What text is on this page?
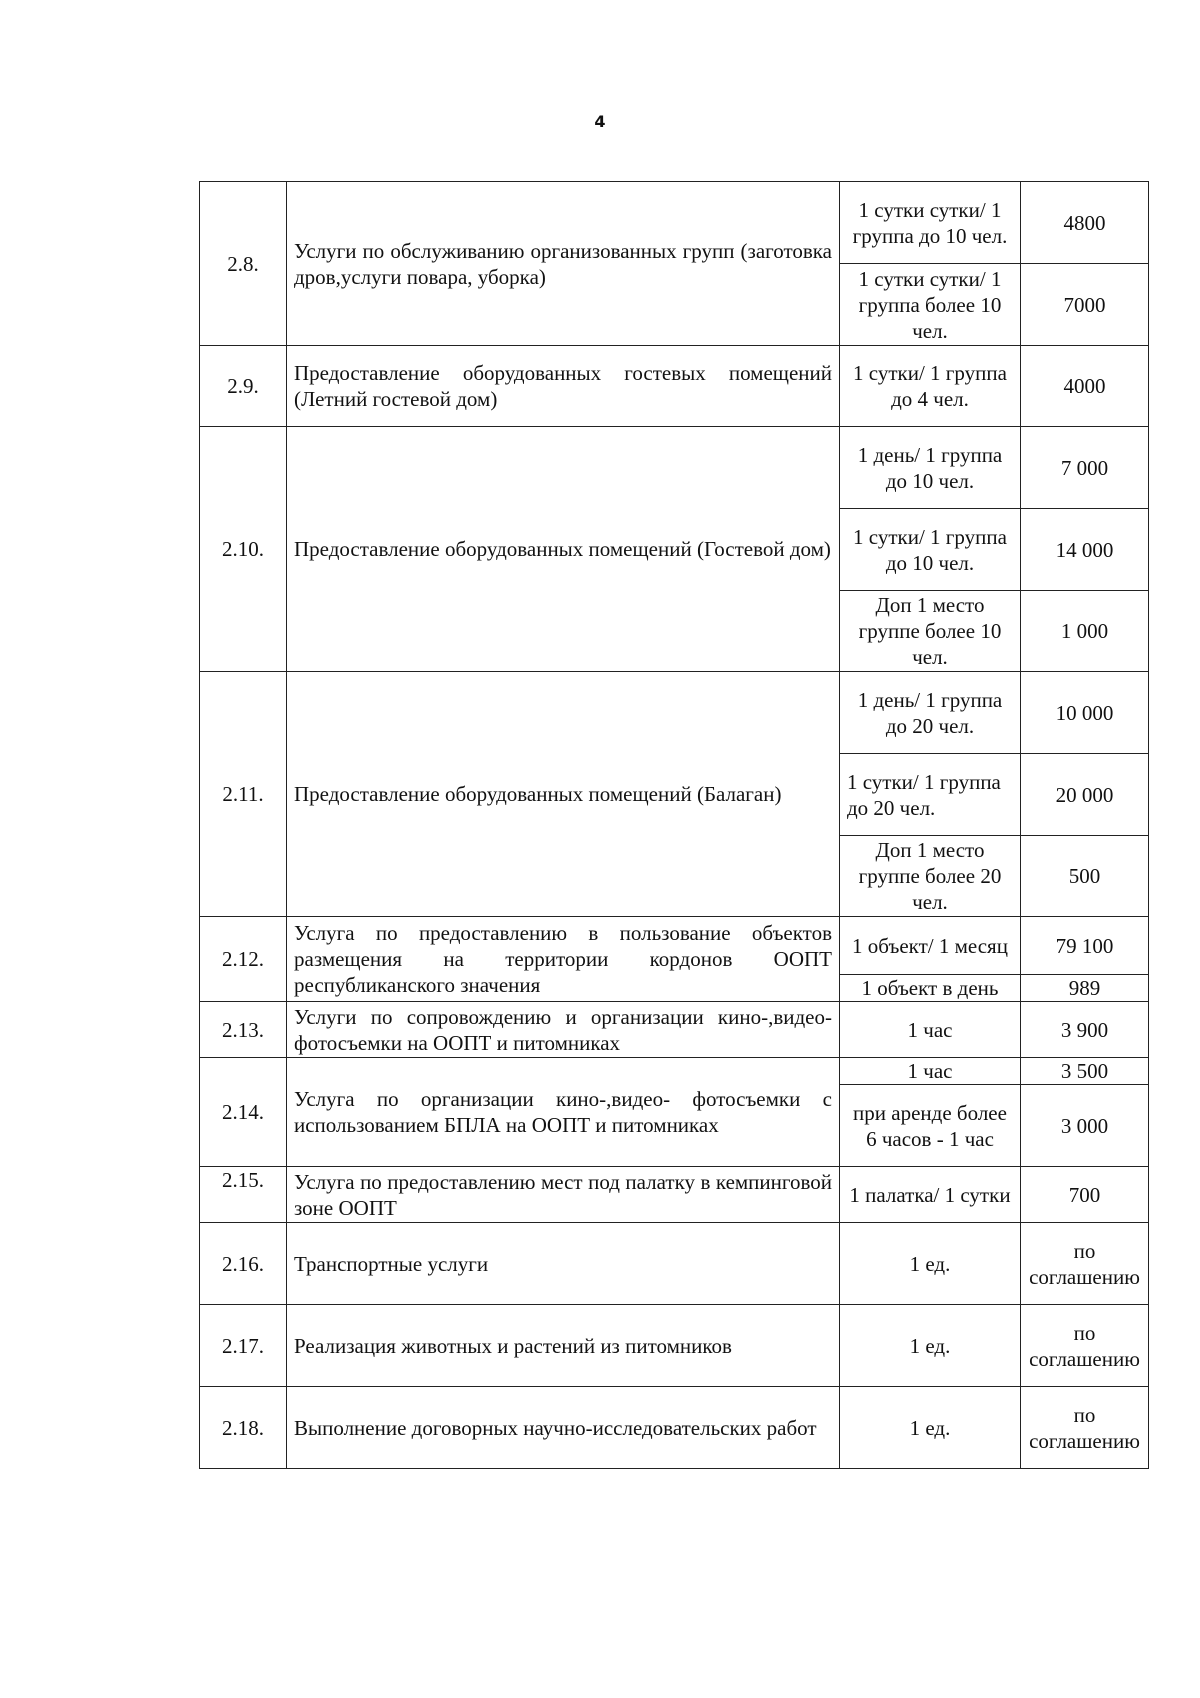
4
2.8.	Услуги по обслуживанию организованных групп (заготовка дров,услуги повара, уборка)	1 сутки сутки/ 1 группа до 10 чел.	4800
		1 сутки сутки/ 1 группа более 10 чел.	7000
2.9.	Предоставление оборудованных гостевых помещений (Летний гостевой дом)	1 сутки/ 1 группа до 4 чел.	4000
2.10.	Предоставление оборудованных помещений (Гостевой дом)	1 день/ 1 группа до 10 чел.	7 000
		1 сутки/ 1 группа до 10 чел.	14 000
		Доп 1 место группе более 10 чел.	1 000
2.11.	Предоставление оборудованных помещений (Балаган)	1 день/ 1 группа до 20 чел.	10 000
		1 сутки/ 1 группа до 20 чел.	20 000
		Доп 1 место группе более 20 чел.	500
2.12.	Услуга по предоставлению в пользование объектов размещения на территории кордонов ООПТ республиканского значения	1 объект/ 1 месяц	79 100
		1 объект в день	989
2.13.	Услуги по сопровождению и организации кино-,видео- фотосъемки на ООПТ и питомниках	1 час	3 900
2.14.	Услуга по организации кино-,видео- фотосъемки с использованием БПЛА на ООПТ и питомниках	1 час	3 500
		при аренде более 6 часов - 1 час	3 000
2.15.	Услуга по предоставлению мест под палатку в кемпинговой зоне ООПТ	1 палатка/ 1 сутки	700
2.16.	Транспортные услуги	1 ед.	по соглашению
2.17.	Реализация животных и растений из питомников	1 ед.	по соглашению
2.18.	Выполнение договорных научно-исследовательских работ	1 ед.	по соглашению
